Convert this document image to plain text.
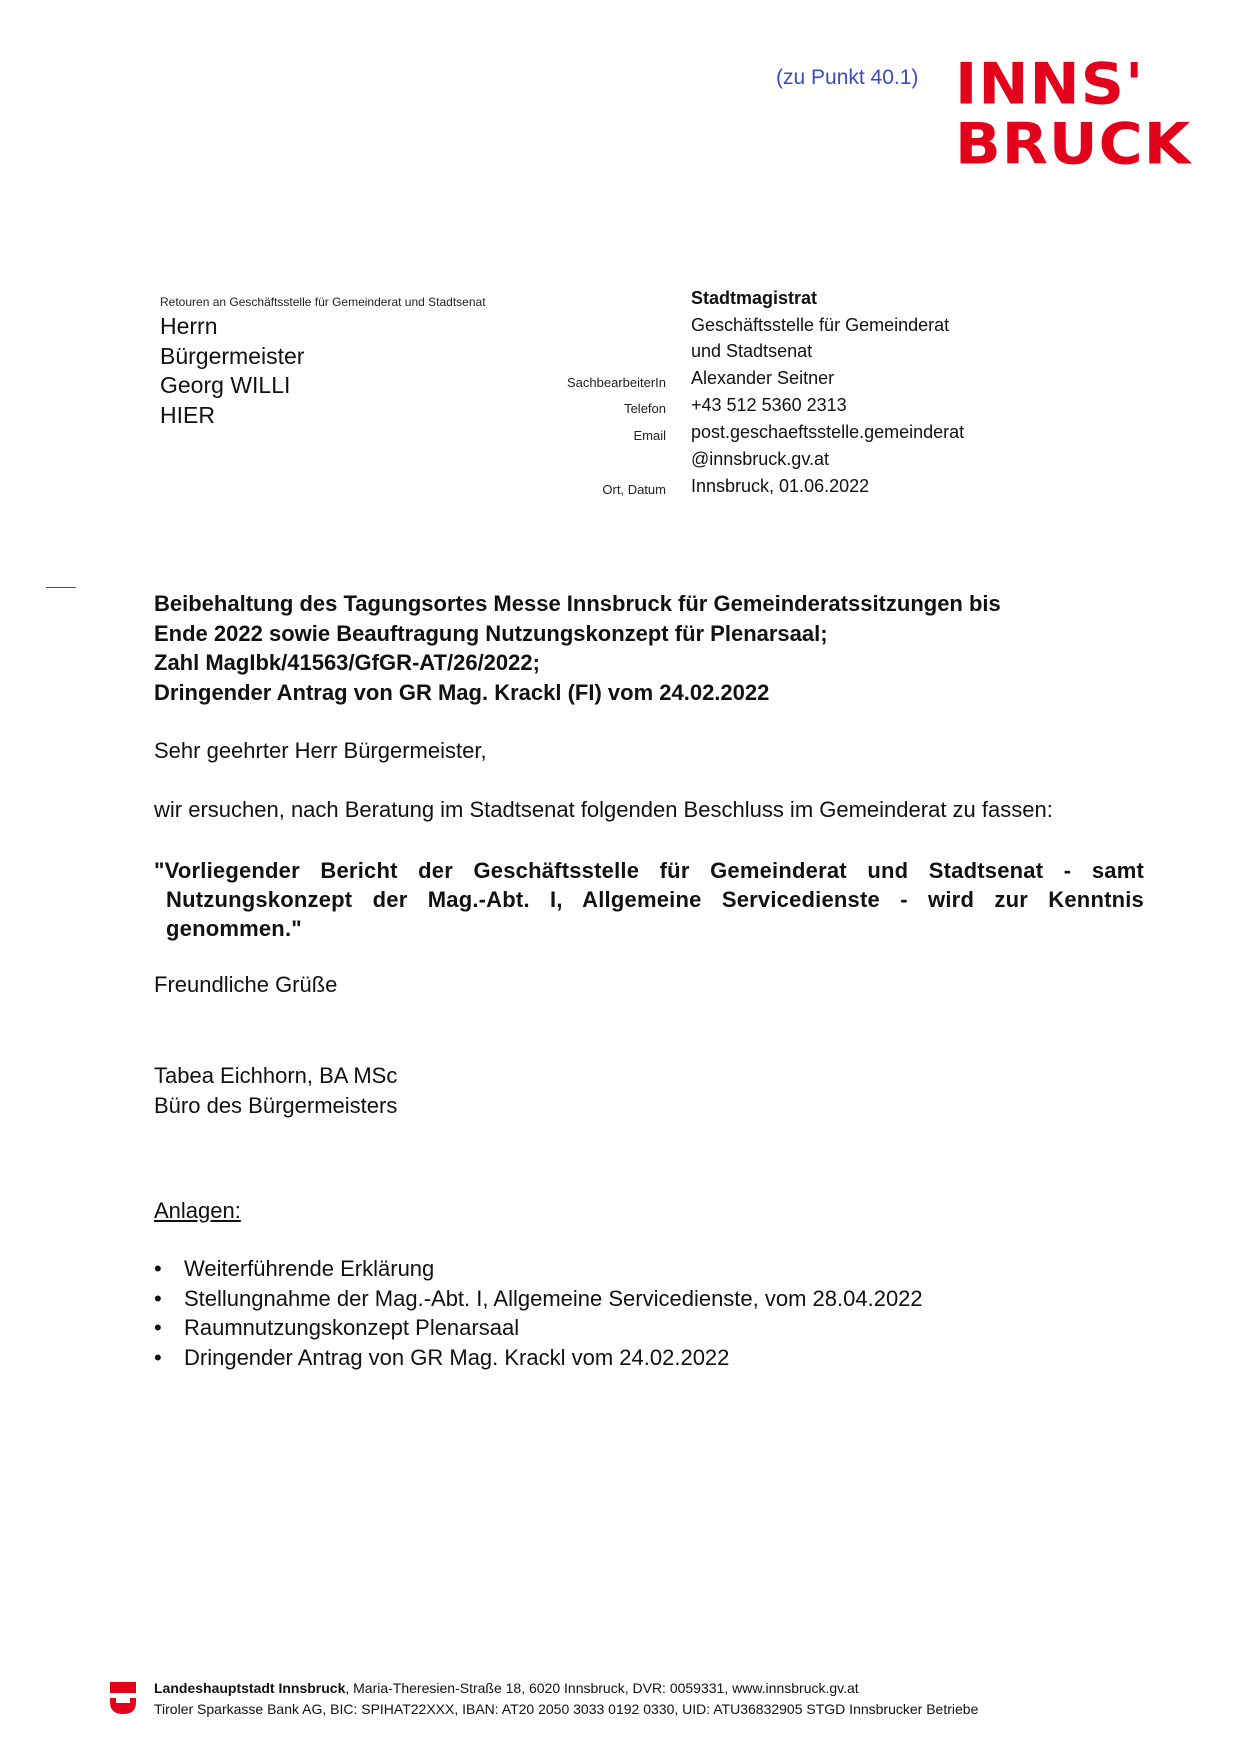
(zu Punkt 40.1) INNS'
BRUCK
Retouren an Geschäftsstelle für Gemeinderat und Stadtsenat
Herrn
Bürgermeister
Georg WILLI
HIER
Stadtmagistrat
Geschäftsstelle für Gemeinderat
und Stadtsenat
SachbearbeiterIn Alexander Seitner
Telefon +43 512 5360 2313
Email post.geschaeftsstelle.gemeinderat
@innsbruck.gv.at
Ort, Datum Innsbruck, 01.06.2022
Beibehaltung des Tagungsortes Messe Innsbruck für Gemeinderatssitzungen bis
Ende 2022 sowie Beauftragung Nutzungskonzept für Plenarsaal;
Zahl MagIbk/41563/GfGR-AT/26/2022;
Dringender Antrag von GR Mag. Krackl (FI) vom 24.02.2022
Sehr geehrter Herr Bürgermeister,
wir ersuchen, nach Beratung im Stadtsenat folgenden Beschluss im Gemeinderat zu fassen:

"Vorliegender Bericht der Geschäftsstelle für Gemeinderat und Stadtsenat - samt Nutzungskonzept der Mag.-Abt. I, Allgemeine Servicedienste - wird zur Kenntnis genommen."

Freundliche Grüße
Tabea Eichhorn, BA MSc
Büro des Bürgermeisters
Anlagen:
• Weiterführende Erklärung
• Stellungnahme der Mag.-Abt. I, Allgemeine Servicedienste, vom 28.04.2022
• Raumnutzungskonzept Plenarsaal
• Dringender Antrag von GR Mag. Krackl vom 24.02.2022
Landeshauptstadt Innsbruck, Maria-Theresien-Straße 18, 6020 Innsbruck, DVR: 0059331, www.innsbruck.gv.at
Tiroler Sparkasse Bank AG, BIC: SPIHAT22XXX, IBAN: AT20 2050 3033 0192 0330, UID: ATU36832905 STGD Innsbrucker Betriebe
